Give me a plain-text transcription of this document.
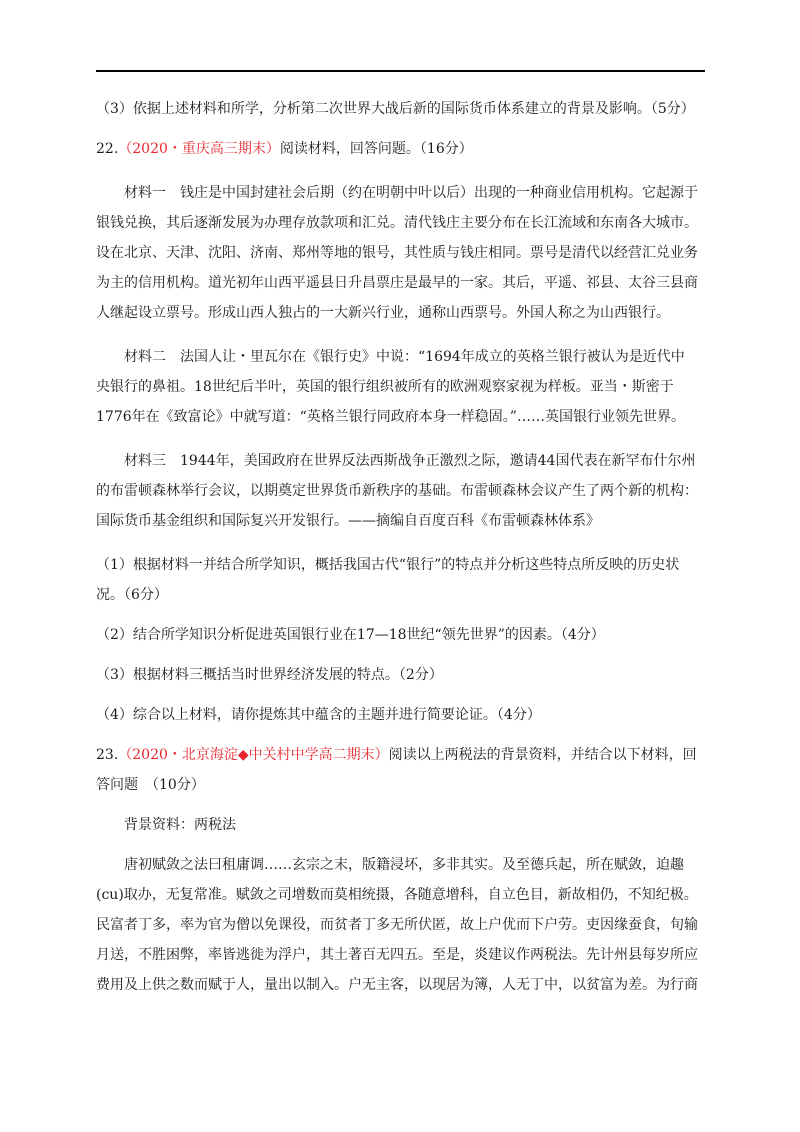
（3）依据上述材料和所学，分析第二次世界大战后新的国际货币体系建立的背景及影响。（5分）
22.（2020・重庆高三期末）阅读材料，回答问题。（16分）
材料一　钱庄是中国封建社会后期（约在明朝中叶以后）出现的一种商业信用机构。它起源于
银钱兑换，其后逐渐发展为办理存放款项和汇兑。清代钱庄主要分布在长江流域和东南各大城市。
设在北京、天津、沈阳、济南、郑州等地的银号，其性质与钱庄相同。票号是清代以经营汇兑业务
为主的信用机构。道光初年山西平遥县日升昌票庄是最早的一家。其后，平遥、祁县、太谷三县商
人继起设立票号。形成山西人独占的一大新兴行业，通称山西票号。外国人称之为山西银行。
材料二　法国人让・里瓦尔在《银行史》中说：“1694年成立的英格兰银行被认为是近代中
央银行的鼻祖。18世纪后半叶，英国的银行组织被所有的欧洲观察家视为样板。亚当・斯密于
1776年在《致富论》中就写道：“英格兰银行同政府本身一样稳固。”……英国银行业领先世界。
材料三　1944年，美国政府在世界反法西斯战争正激烈之际，邀请44国代表在新罕布什尔州
的布雷顿森林举行会议，以期奠定世界货币新秩序的基础。布雷顿森林会议产生了两个新的机构：
国际货币基金组织和国际复兴开发银行。——摘编自百度百科《布雷顿森林体系》
（1）根据材料一并结合所学知识，概括我国古代“银行”的特点并分析这些特点所反映的历史状
况。（6分）
（2）结合所学知识分析促进英国银行业在17—18世纪“领先世界”的因素。（4分）
（3）根据材料三概括当时世界经济发展的特点。（2分）
（4）综合以上材料，请你提炼其中蕴含的主题并进行简要论证。（4分）
23.（2020・北京海淀◆中关村中学高二期末）阅读以上两税法的背景资料，并结合以下材料，回
答问题　（10分）
背景资料：两税法
唐初赋敛之法曰租庸调……玄宗之末，版籍浸坏，多非其实。及至德兵起，所在赋敛，迫趣
(cu)取办，无复常准。赋敛之司增数而莫相统摄，各随意增科，自立色目，新故相仍，不知纪极。
民富者丁多，率为官为僧以免课役，而贫者丁多无所伏匿，故上户优而下户劳。吏因缘蚕食，旬输
月送，不胜困弊，率皆逃徙为浮户，其土著百无四五。至是，炎建议作两税法。先计州县每岁所应
费用及上供之数而赋于人，量出以制入。户无主客，以现居为簿，人无丁中，以贫富为差。为行商
